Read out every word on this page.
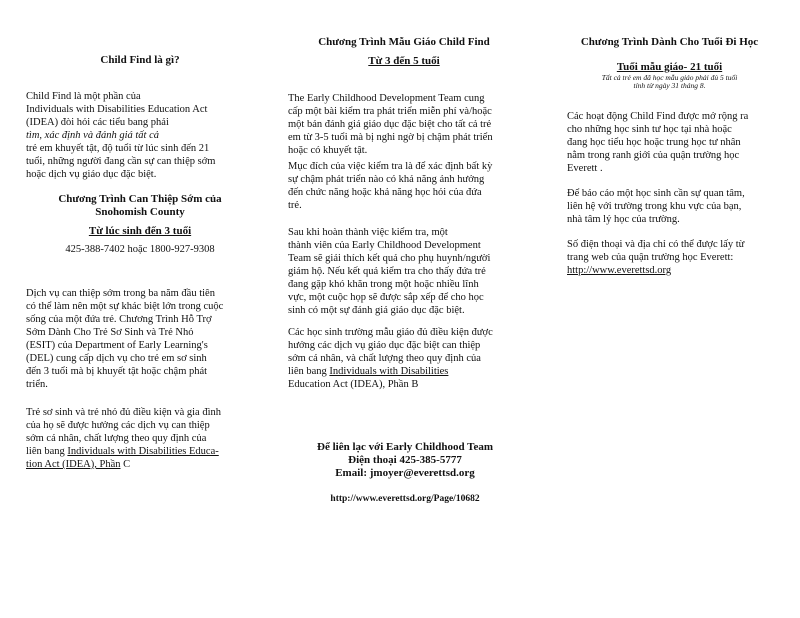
Child Find là gì?

Child Find là một phần của

Individuals with Disabilities Education Act

(IDEA) đòi hỏi các tiểu bang phải

tìm, xác định và đánh giá tất cả

trẻ em khuyết tật, độ tuổi từ lúc sinh đến 21

tuổi, những người đang cần sự can thiệp sớm

hoặc dịch vụ giáo dục đặc biệt.

Chương Trình Can Thiệp Sớm của
Snohomish County
Từ lúc sinh đến 3 tuổi
425-388-7402 hoặc 1800-927-9308

Dịch vụ can thiệp sớm trong ba năm đầu tiên

có thể làm nên một sự khác biệt lớn trong cuộc

sống của một đứa trẻ. Chương Trình Hỗ Trợ

Sớm Dành Cho Trẻ Sơ Sinh và Trẻ Nhỏ

(ESIT) của Department of Early Learning's

(DEL) cung cấp dịch vụ cho trẻ em sơ sinh

đến 3 tuổi mà bị khuyết tật hoặc chậm phát

triển.

Trẻ sơ sinh và trẻ nhỏ đủ điều kiện và gia đình

của họ sẽ được hưởng các dịch vụ can thiệp

sớm cá nhân, chất lượng theo quy định của

liên bang Individuals with Disabilities Educa-

tion Act (IDEA), Phần C

Chương Trình Mẫu Giáo Child Find
Từ 3 đến 5 tuổi

The Early Childhood Development Team cung

cấp một bài kiểm tra phát triển miễn phí và/hoặc

một bản đánh giá giáo dục đặc biệt cho tất cả trẻ

em từ 3-5 tuổi mà bị nghi ngờ bị chậm phát triển

hoặc có khuyết tật.

Mục đích của việc kiểm tra là để xác định bất kỳ

sự chậm phát triển nào có khả năng ảnh hưởng

đến chức năng hoặc khả năng học hỏi của đứa

trẻ.

Sau khi hoàn thành việc kiểm tra, một

thành viên của Early Childhood Development

Team sẽ giải thích kết quả cho phụ huynh/người

giám hộ. Nếu kết quả kiểm tra cho thấy đứa trẻ

đang gặp khó khăn trong một hoặc nhiều lĩnh

vực, một cuộc họp sẽ được sắp xếp để cho học

sinh có một sự đánh giá giáo dục đặc biệt.

Các học sinh trường mẫu giáo đủ điều kiện được

hưởng các dịch vụ giáo dục đặc biệt can thiệp

sớm cá nhân, và chất lượng theo quy định của

liên bang Individuals with Disabilities

Education Act (IDEA), Phần B

Để liên lạc với Early Childhood Team
Điện thoại 425-385-5777
Email: jmoyer@everettsd.org
http://www.everettsd.org/Page/10682
Chương Trình Dành Cho Tuổi Đi Học
Tuổi mẫu giáo- 21 tuổi
Tất cả trẻ em đã học mẫu giáo phải đủ 5 tuổi
tính từ ngày 31 tháng 8.

Các hoạt động Child Find được mở rộng ra

cho những học sinh tư học tại nhà hoặc

đang học tiểu học hoặc trung học tư nhân

nằm trong ranh giới của quận trường học

Everett .

Để báo cáo một học sinh cần sự quan tâm,

liên hệ với trường trong khu vực của bạn,

nhà tâm lý học của trường.

Số điện thoại và địa chỉ có thể được lấy từ

trang web của quận trường học Everett:

http://www.everettsd.org
